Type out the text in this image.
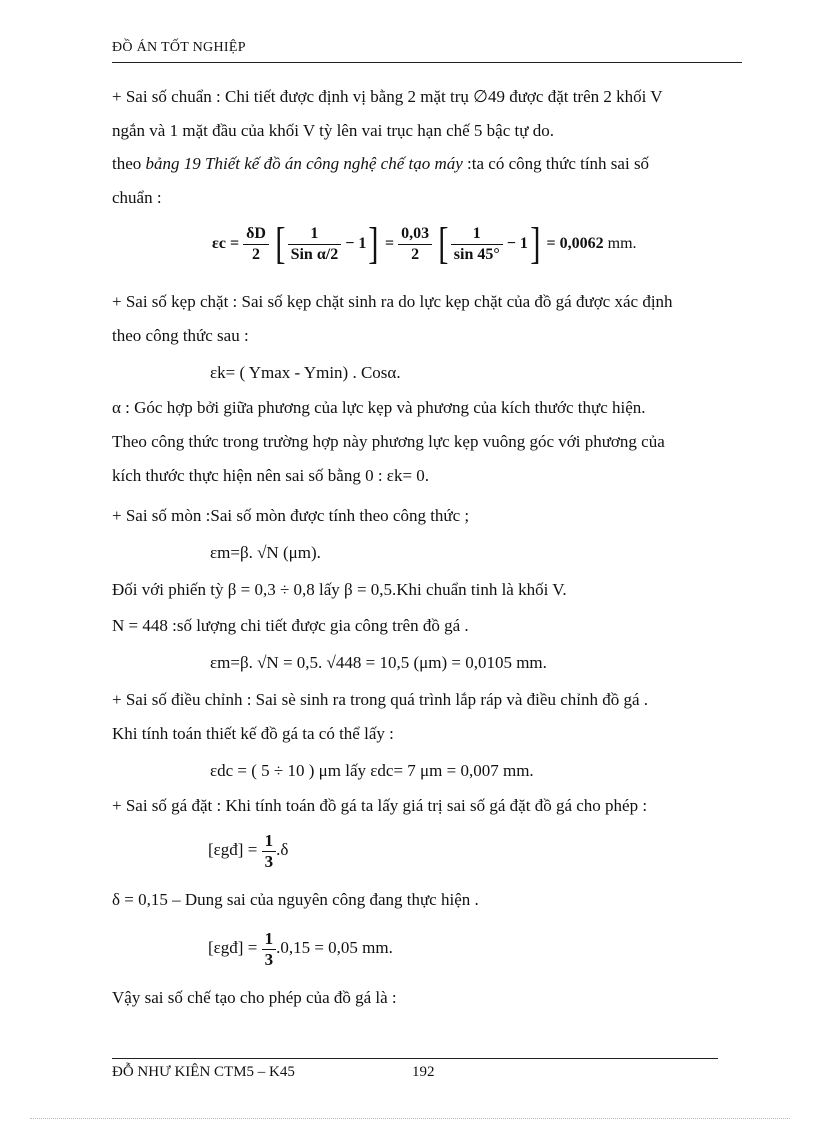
ĐỒ ÁN TỐT NGHIỆP
+ Sai số chuẩn : Chi tiết được định vị bằng 2 mặt trụ ∅49 được đặt trên 2 khối V
ngắn và 1 mặt đầu của khối V tỳ lên vai trục hạn chế 5 bậc tự do.
theo bảng 19 Thiết kế đồ án công nghệ chế tạo máy :ta có công thức tính sai số
chuẩn :
$\varepsilon c = \frac{\delta D}{2}$ [ $\frac{1}{\text{Sin α/2}} - 1] = \frac{0,03}{2}$ [ $\frac{1}{\sin 45^\circ} - 1] = 0,0062$ mm.
+ Sai số kẹp chặt : Sai số kẹp chặt sinh ra do lực kẹp chặt của đồ gá được xác định
theo công thức sau :
εk= ( Ymax - Ymin) . Cosα.
α : Góc hợp bởi giữa phương của lực kẹp và phương của kích thước thực hiện.
Theo công thức trong trường hợp này phương lực kẹp vuông góc với phương của
kích thước thực hiện nên sai số bằng 0 : εk= 0.
+ Sai số mòn :Sai số mòn được tính theo công thức ;
εm=β. √N (μm).
Đối với phiến tỳ β = 0,3 ÷ 0,8 lấy β = 0,5.Khi chuẩn tinh là khối V.
N = 448 :số lượng chi tiết được gia công trên đồ gá .
εm=β. √N = 0,5. √448 = 10,5 (μm) = 0,0105 mm.
+ Sai số điều chỉnh : Sai sè sinh ra trong quá trình lắp ráp và điều chỉnh đồ gá .
Khi tính toán thiết kế đồ gá ta có thể lấy :
εdc = ( 5 ÷ 10 ) μm lấy εdc= 7 μm = 0,007 mm.
+ Sai số gá đặt : Khi tính toán đồ gá ta lấy giá trị sai số gá đặt đồ gá cho phép :
[εgđ] = $\frac{1}{3} .\delta$
δ = 0,15 – Dung sai của nguyên công đang thực hiện .
[εgđ] = $\frac{1}{3} .0,15 = 0,05$ mm.
Vậy sai số chế tạo cho phép của đồ gá là :
ĐỖ NHƯ KIÊN CTM5 – K45	192
